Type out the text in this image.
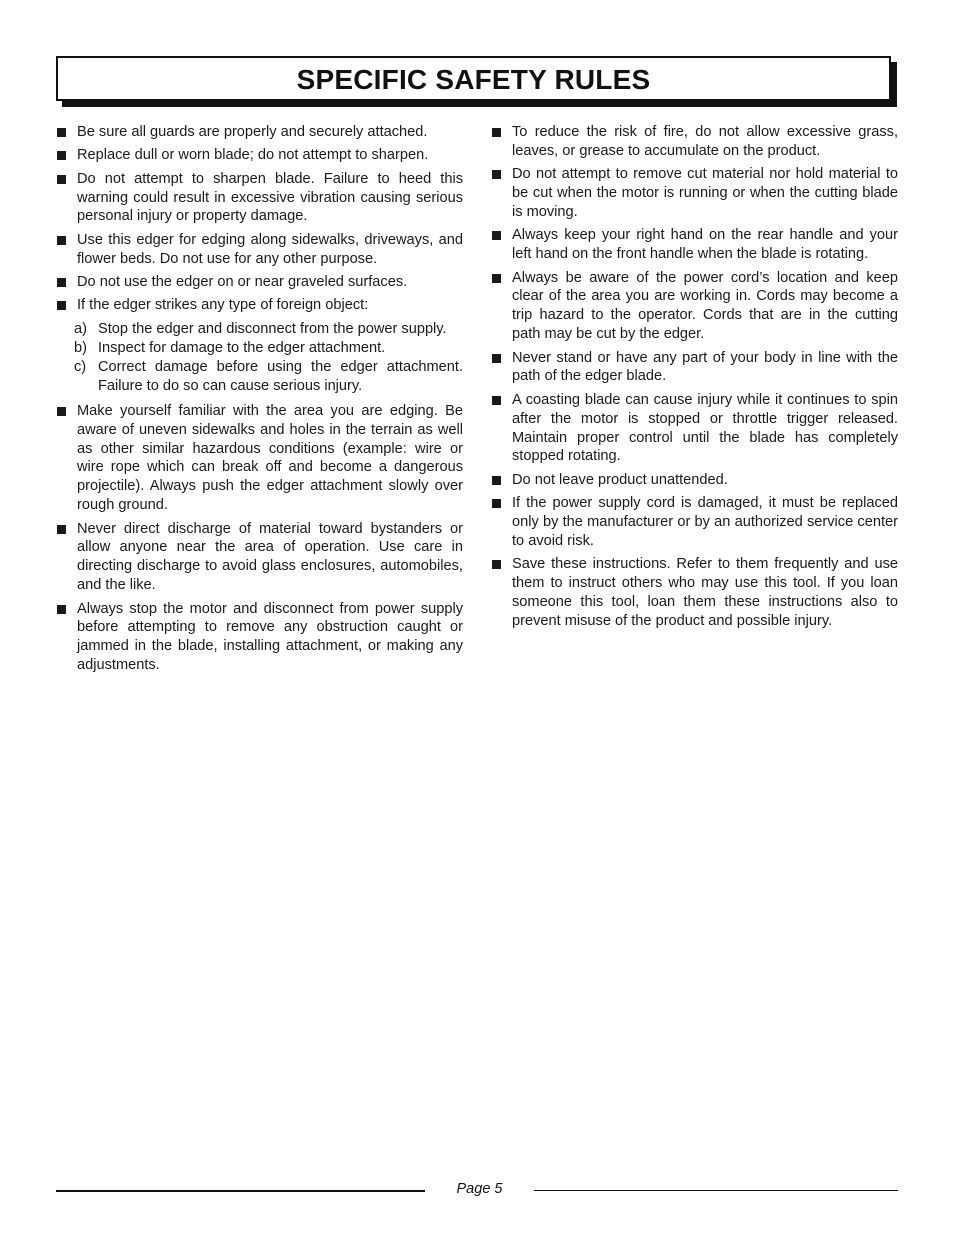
SPECIFIC SAFETY RULES
Be sure all guards are properly and securely attached.
Replace dull or worn blade; do not attempt to sharpen.
Do not attempt to sharpen blade. Failure to heed this warning could result in excessive vibration causing serious personal injury or property damage.
Use this edger for edging along sidewalks, driveways, and flower beds. Do not use for any other purpose.
Do not use the edger on or near graveled surfaces.
If the edger strikes any type of foreign object:
a) Stop the edger and disconnect from the power supply.
b) Inspect for damage to the edger attachment.
c) Correct damage before using the edger attachment. Failure to do so can cause serious injury.
Make yourself familiar with the area you are edging. Be aware of uneven sidewalks and holes in the terrain as well as other similar hazardous conditions (example: wire or wire rope which can break off and become a dangerous projectile). Always push the edger attachment slowly over rough ground.
Never direct discharge of material toward bystanders or allow anyone near the area of operation. Use care in directing discharge to avoid glass enclosures, automobiles, and the like.
Always stop the motor and disconnect from power supply before attempting to remove any obstruction caught or jammed in the blade, installing attachment, or making any adjustments.
To reduce the risk of fire, do not allow excessive grass, leaves, or grease to accumulate on the product.
Do not attempt to remove cut material nor hold material to be cut when the motor is running or when the cutting blade is moving.
Always keep your right hand on the rear handle and your left hand on the front handle when the blade is rotating.
Always be aware of the power cord’s location and keep clear of the area you are working in. Cords may become a trip hazard to the operator. Cords that are in the cutting path may be cut by the edger.
Never stand or have any part of your body in line with the path of the edger blade.
A coasting blade can cause injury while it continues to spin after the motor is stopped or throttle trigger released. Maintain proper control until the blade has completely stopped rotating.
Do not leave product unattended.
If the power supply cord is damaged, it must be replaced only by the manufacturer or by an authorized service center to avoid risk.
Save these instructions. Refer to them frequently and use them to instruct others who may use this tool. If you loan someone this tool, loan them these instructions also to prevent misuse of the product and possible injury.
Page 5
